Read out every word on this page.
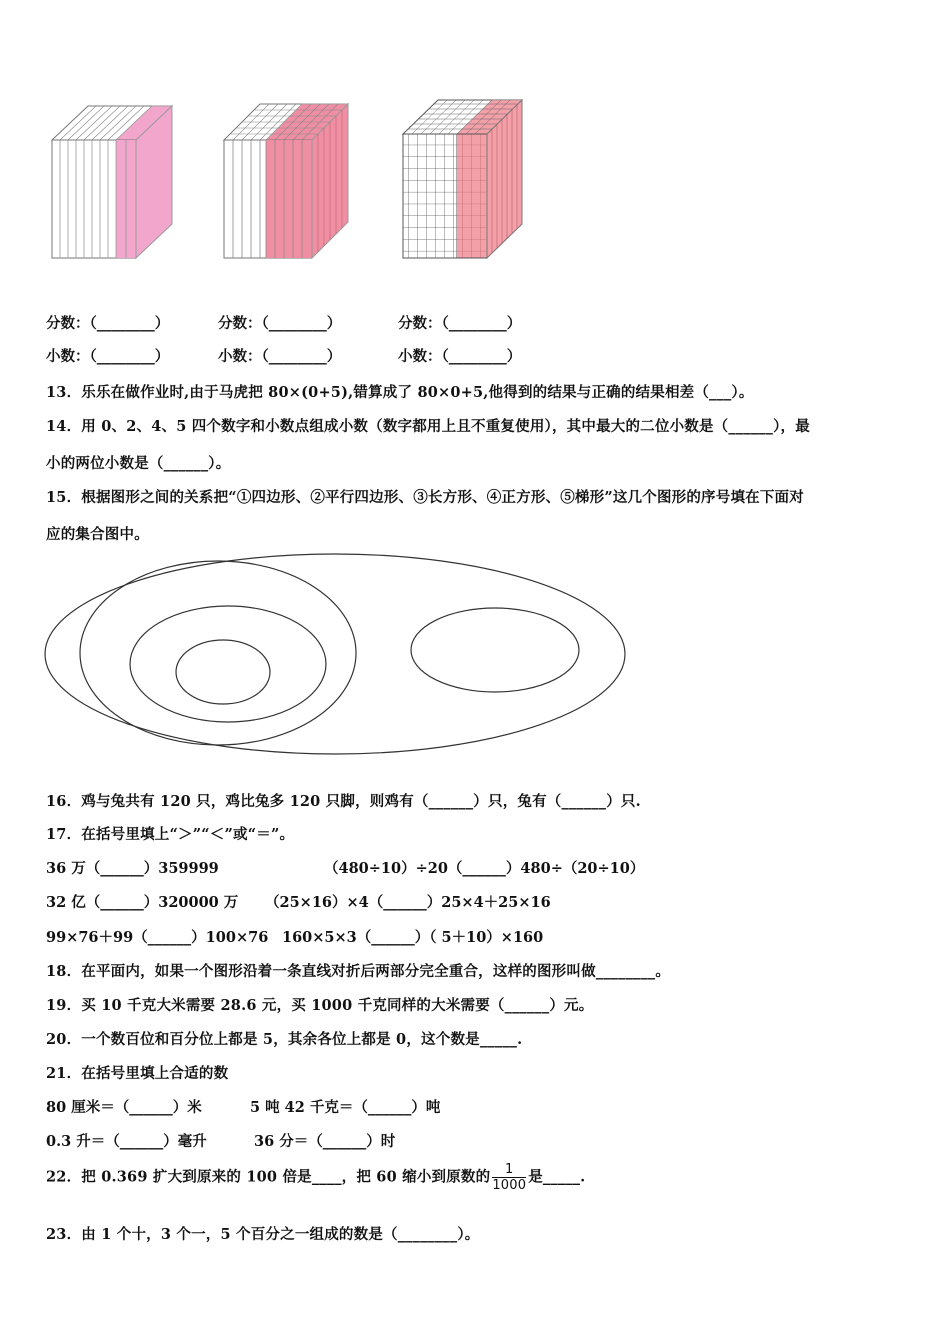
分数：（________）	分数：（________）	分数：（________）
小数：（________）	小数：（________）	小数：（________）
13．乐乐在做作业时,由于马虎把 80×(0+5),错算成了 80×0+5,他得到的结果与正确的结果相差（___）。
14．用 0、2、4、5 四个数字和小数点组成小数（数字都用上且不重复使用），其中最大的二位小数是（______），最
小的两位小数是（______）。
15．根据图形之间的关系把“①四边形、②平行四边形、③长方形、④正方形、⑤梯形”这几个图形的序号填在下面对
应的集合图中。
16．鸡与兔共有 120 只，鸡比兔多 120 只脚，则鸡有（______）只，兔有（______）只.
17．在括号里填上“＞”“＜”或“＝”。
36 万（______）359999	（480÷10）÷20（______）480÷（20÷10）
32 亿（______）320000 万 （25×16）×4（______）25×4＋25×16
99×76＋99（______）100×76 160×5×3（______）（ 5＋10）×160
18．在平面内，如果一个图形沿着一条直线对折后两部分完全重合，这样的图形叫做________。
19．买 10 千克大米需要 28.6 元，买 1000 千克同样的大米需要（______）元。
20．一个数百位和百分位上都是 5，其余各位上都是 0，这个数是_____.
21．在括号里填上合适的数
80 厘米＝（______）米	5 吨 42 千克＝（______）吨
0.3 升＝（______）毫升	36 分＝（______）时
22．把 0.369 扩大到原来的 100 倍是____，把 60 缩小到原数的 $\frac{1}{1000}$ 是_____.
23．由 1 个十，3 个一，5 个百分之一组成的数是（________）。
